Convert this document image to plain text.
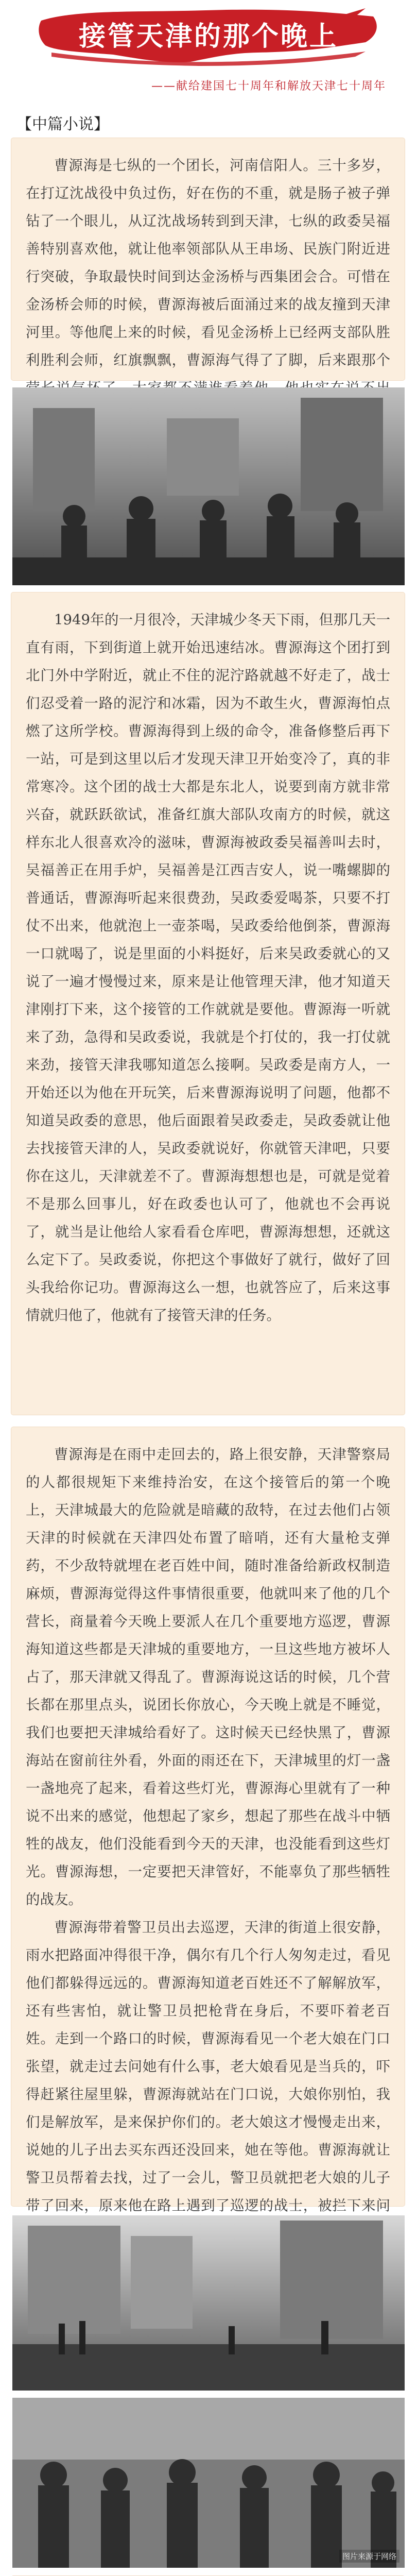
接管天津的那个晚上
——献给建国七十周年和解放天津七十周年
【中篇小说】

曹源海是七纵的一个团长，河南信阳人。三十多岁，在打辽沈战役中负过伤，好在伤的不重，就是肠子被子弹钻了一个眼儿，从辽沈战场转到到天津，七纵的政委吴福善特别喜欢他，就让他率领部队从王串场、民族门附近进行突破，争取最快时间到达金汤桥与西集团会合。可惜在金汤桥会师的时候，曹源海被后面涌过来的战友撞到天津河里。等他爬上来的时候，看见金汤桥上已经两支部队胜利胜利会师，红旗飘飘，曹源海气得了了脚，后来跟那个

1949年的一月很冷，天津城少冬天下雨，但那几天一直有雨，下到街道上就开始迅速结冰。曹源海这个团打到北门外中学附近，就止不住的泥泞路就越不好走了，战士们忍受着一路的泥泞和冰霜，因为不敢生火，曹源海怕点燃了这所学校。曹源海得到上级的命令，准备修整后再下一站，可是到这里以后才发现天津卫开始变冷了，真的非常寒冷。这个团的战士大都是东北人，说要到南方就非常兴奋，就跃跃欲试，准备红旗大部队攻南方的时候，就这样东北人很喜欢冷的滋味，曹源海被政委吴福善叫去时，吴福善正在用手炉，吴福善是江西吉安人，说一嘴螺脚的普通话，曹源海听起来很费劲，吴政委爱喝茶，只要不打仗不出来，他就泡上一壶茶喝，吴政委给他倒茶，曹源海一口就喝了，说是里面的小料挺好，后来吴政委就心的又说了一遍才慢慢过来，原来是让他管理天津，他才知道天津刚打下来，这个接管的工作就就是要他。曹源海一听就来了劲，急得和吴政委说，我就是个打仗的，我一打仗就来劲，接管天津我哪知道怎么接啊。吴政委是南方人，一开始还以为他在开玩笑，后来曹源海说明了问题，他都不知道吴政委的意思，他后面跟着吴政委走，吴政委就让他去找接管天津的人，吴政委就说好，你就管天津吧，只要你在这儿，天津就差不了。曹源海想想也是，可就是觉着不是那么回事儿，好在政委也认可了，他就也不会再说了，就当是让他给人家看看仓库吧，曹源海想想，还就这么定下了。吴政委说，你把这个事做好了就行，做好了回头我给你记功。曹源海这么一想，也就答应了，后来这事情就归他了，他就有了接管天津的任务。

曹源海是在雨中走回去的，路上很安静，天津警察局的人都很规矩下来维持治安，在这个接管后的第一个晚上，天津城最大的危险就是暗藏的敌特，在过去他们占领天津的时候就在天津四处布置了暗哨，还有大量枪支弹药，不少敌特就埋在老百姓中间，随时准备给新政权制造麻烦，曹源海觉得这件事情很重要，他就叫来了他的几个营长，商量着今天晚上要派人在几个重要地方巡逻，曹源海知道这些都是天津城的重要地方，一旦这些地方被坏人占了，那天津就又得乱了。曹源海说这话的时候，几个营长都在那里点头，说团长你放心，今天晚上就是不睡觉，我们也要把天津城给看好了。这时候天已经快黑了，曹源海站在窗前往外看，外面的雨还在下，天津城里的灯一盏一盏地亮了起来，看着这些灯光，曹源海心里就有了一种说不出来的感觉，他想起了家乡，想起了那些在战斗中牺牲的战友，他们没能看到今天的天津，也没能看到这些灯光。曹源海想，一定要把天津管好，不能辜负了那些牺牲的战友。

曹源海带着警卫员出去巡逻，天津的街道上很安静，雨水把路面冲得很干净，偶尔有几个行人匆匆走过，看见他们都躲得远远的。曹源海知道老百姓还不了解解放军，还有些害怕，就让警卫员把枪背在身后，不要吓着老百姓。走到一个路口的时候，曹源海看见一个老大娘在门口张望，就走过去问她有什么事，老大娘看见是当兵的，吓得赶紧往屋里躲，曹源海就站在门口说，大娘你别怕，我们是解放军，是来保护你们的。老大娘这才慢慢走出来，说她的儿子出去买东西还没回来，她在等他。曹源海就让警卫员帮着去找，过了一会儿，警卫员就把老大娘的儿子带了回来，原来他在路上遇到了巡逻的战士，被拦下来问

图片来源于网络
